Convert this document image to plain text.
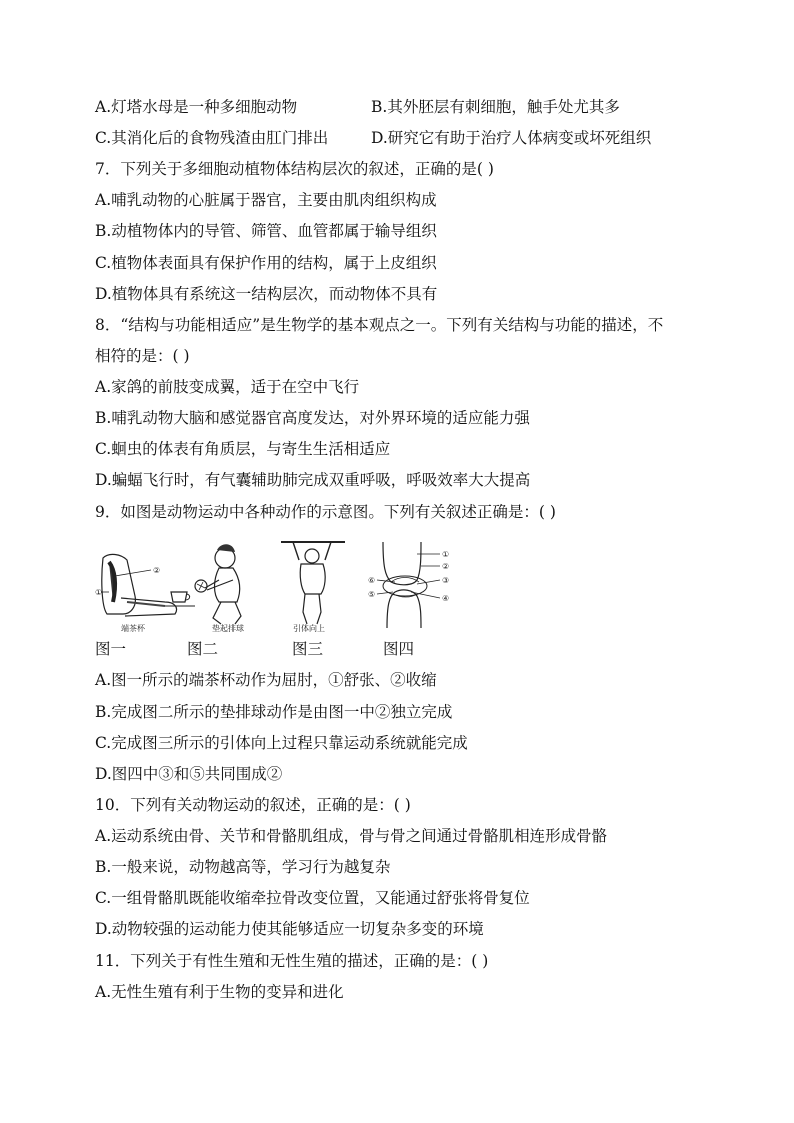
A.灯塔水母是一种多细胞动物	B.其外胚层有刺细胞，触手处尤其多
C.其消化后的食物残渣由肛门排出	D.研究它有助于治疗人体病变或坏死组织
7．下列关于多细胞动植物体结构层次的叙述，正确的是( )
A.哺乳动物的心脏属于器官，主要由肌肉组织构成
B.动植物体内的导管、筛管、血管都属于输导组织
C.植物体表面具有保护作用的结构，属于上皮组织
D.植物体具有系统这一结构层次，而动物体不具有
8．“结构与功能相适应”是生物学的基本观点之一。下列有关结构与功能的描述，不
相符的是：( )
A.家鸽的前肢变成翼，适于在空中飞行
B.哺乳动物大脑和感觉器官高度发达，对外界环境的适应能力强
C.蛔虫的体表有角质层，与寄生生活相适应
D.蝙蝠飞行时，有气囊辅助肺完成双重呼吸，呼吸效率大大提高
9．如图是动物运动中各种动作的示意图。下列有关叙述正确是：( )
②
①
端茶杯	垫起排球	引体向上
①
②
③
④
⑤
⑥
图一	图二	图三	图四
A.图一所示的端茶杯动作为屈肘，①舒张、②收缩
B.完成图二所示的垫排球动作是由图一中②独立完成
C.完成图三所示的引体向上过程只靠运动系统就能完成
D.图四中③和⑤共同围成②
10．下列有关动物运动的叙述，正确的是：( )
A.运动系统由骨、关节和骨骼肌组成，骨与骨之间通过骨骼肌相连形成骨骼
B.一般来说，动物越高等，学习行为越复杂
C.一组骨骼肌既能收缩牵拉骨改变位置，又能通过舒张将骨复位
D.动物较强的运动能力使其能够适应一切复杂多变的环境
11．下列关于有性生殖和无性生殖的描述，正确的是：( )
A.无性生殖有利于生物的变异和进化
